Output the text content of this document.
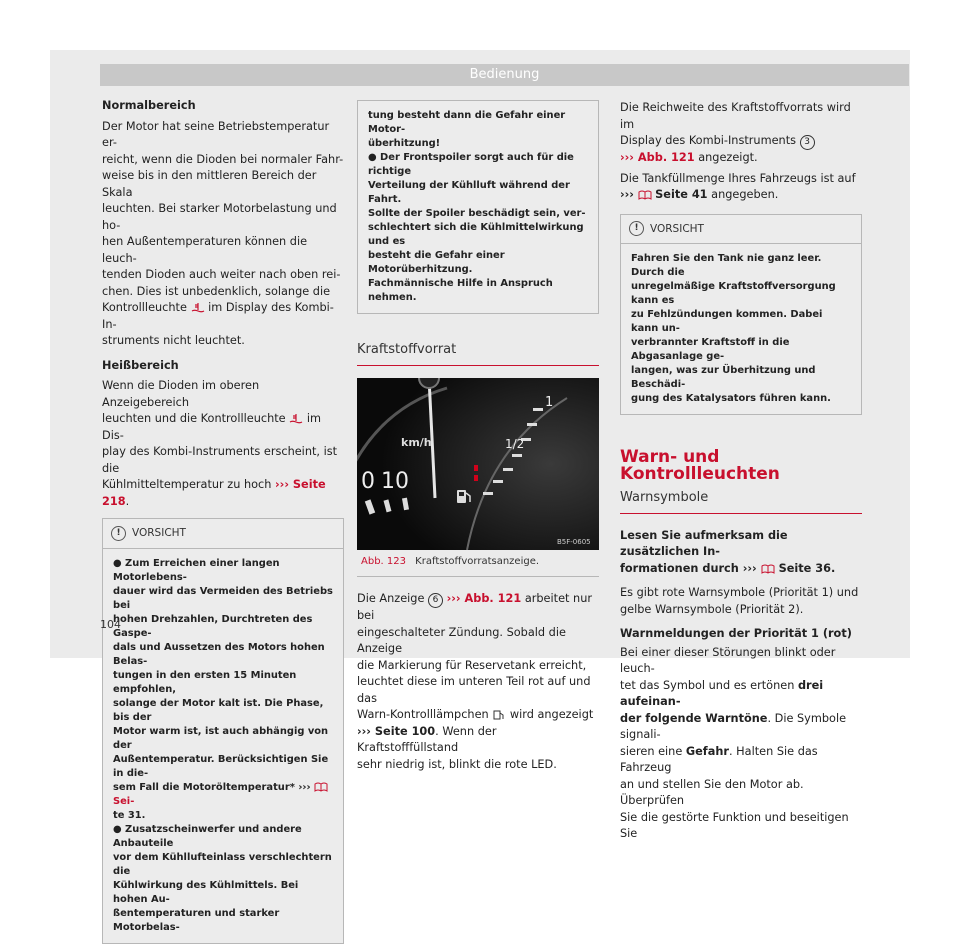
Bedienung
Normalbereich

Der Motor hat seine Betriebstemperatur er-
reicht, wenn die Dioden bei normaler Fahr-
weise bis in den mittleren Bereich der Skala
leuchten. Bei starker Motorbelastung und ho-
hen Außentemperaturen können die leuch-
tenden Dioden auch weiter nach oben rei-
chen. Dies ist unbedenklich, solange die
Kontrollleuchte im Display des Kombi-In-
struments nicht leuchtet.

Heißbereich

Wenn die Dioden im oberen Anzeigebereich
leuchten und die Kontrollleuchte im Dis-
play des Kombi-Instruments erscheint, ist die
Kühlmitteltemperatur zu hoch ››› Seite 218.

!	VORSICHT
● Zum Erreichen einer langen Motorlebens-
dauer wird das Vermeiden des Betriebs bei
hohen Drehzahlen, Durchtreten des Gaspe-
dals und Aussetzen des Motors hohen Belas-
tungen in den ersten 15 Minuten empfohlen,
solange der Motor kalt ist. Die Phase, bis der
Motor warm ist, ist auch abhängig von der
Außentemperatur. Berücksichtigen Sie in die-
sem Fall die Motoröltemperatur* ›››  Sei-
te 31.
● Zusatzscheinwerfer und andere Anbauteile
vor dem Kühllufteinlass verschlechtern die
Kühlwirkung des Kühlmittels. Bei hohen Au-
ßentemperaturen und starker Motorbelas-
tung besteht dann die Gefahr einer Motor-
überhitzung!
● Der Frontspoiler sorgt auch für die richtige
Verteilung der Kühlluft während der Fahrt.
Sollte der Spoiler beschädigt sein, ver-
schlechtert sich die Kühlmittelwirkung und es
besteht die Gefahr einer Motorüberhitzung.
Fachmännische Hilfe in Anspruch nehmen.
Kraftstoffvorrat
1
1/2
km/h
10
0
B5F-0605
Abb. 123 Kraftstoffvorratsanzeige.

Die Anzeige 6 ››› Abb. 121 arbeitet nur bei
eingeschalteter Zündung. Sobald die Anzeige
die Markierung für Reservetank erreicht,
leuchtet diese im unteren Teil rot auf und das
Warn-Kontrolllämpchen wird angezeigt
››› Seite 100. Wenn der Kraftstofffüllstand
sehr niedrig ist, blinkt die rote LED.

Die Reichweite des Kraftstoffvorrats wird im
Display des Kombi-Instruments 3
››› Abb. 121 angezeigt.

Die Tankfüllmenge Ihres Fahrzeugs ist auf
››› Seite 41 angegeben.

!	VORSICHT
Fahren Sie den Tank nie ganz leer. Durch die
unregelmäßige Kraftstoffversorgung kann es
zu Fehlzündungen kommen. Dabei kann un-
verbrannter Kraftstoff in die Abgasanlage ge-
langen, was zur Überhitzung und Beschädi-
gung des Katalysators führen kann.
Warn- und Kontrollleuchten
Warnsymbole

Lesen Sie aufmerksam die zusätzlichen In-
formationen durch ››› Seite 36.

Es gibt rote Warnsymbole (Priorität 1) und
gelbe Warnsymbole (Priorität 2).

Warnmeldungen der Priorität 1 (rot)

Bei einer dieser Störungen blinkt oder leuch-
tet das Symbol und es ertönen drei aufeinan-
der folgende Warntöne. Die Symbole signali-
sieren eine Gefahr. Halten Sie das Fahrzeug
an und stellen Sie den Motor ab. Überprüfen
Sie die gestörte Funktion und beseitigen Sie

104
